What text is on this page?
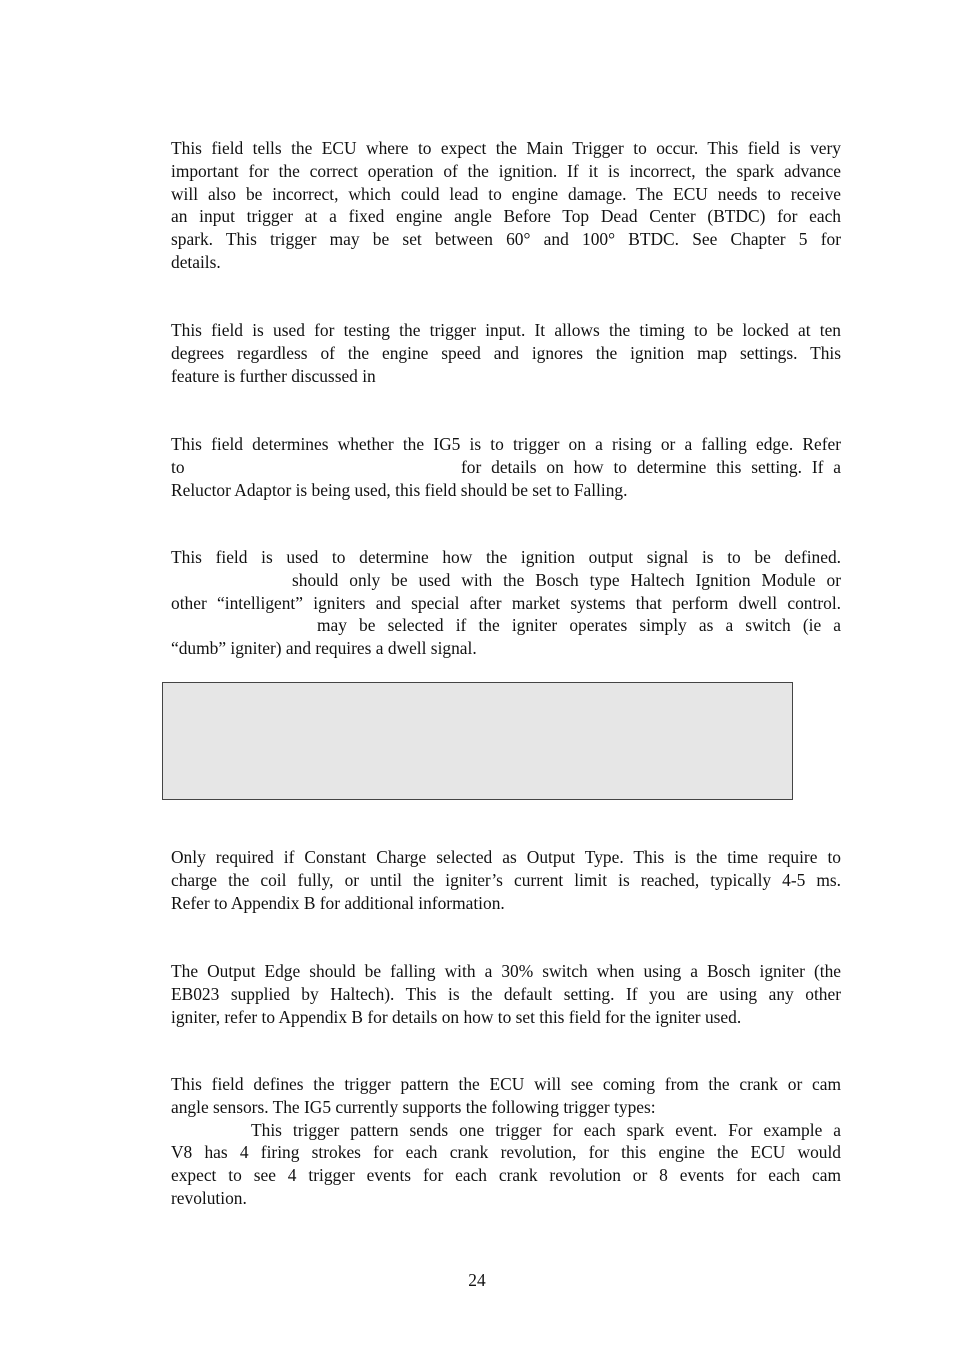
This field tells the ECU where to expect the Main Trigger to occur. This field is very
important for the correct operation of the ignition. If it is incorrect, the spark advance
will also be incorrect, which could lead to engine damage. The ECU needs to receive
an input trigger at a fixed engine angle Before Top Dead Center (BTDC) for each
spark. This trigger may be set between 60° and 100° BTDC. See Chapter 5 for
details.

This field is used for testing the trigger input. It allows the timing to be locked at ten
degrees regardless of the engine speed and ignores the ignition map settings. This
feature is further discussed in

This field determines whether the IG5 is to trigger on a rising or a falling edge. Refer
to	for details on how to determine this setting. If a
Reluctor Adaptor is being used, this field should be set to Falling.

This field is used to determine how the ignition output signal is to be defined.
should only be used with the Bosch type Haltech Ignition Module or
other “intelligent” igniters and special after market systems that perform dwell control.
may be selected if the igniter operates simply as a switch (ie a
“dumb” igniter) and requires a dwell signal.

Only required if Constant Charge selected as Output Type. This is the time require to
charge the coil fully, or until the igniter’s current limit is reached, typically 4-5 ms.
Refer to Appendix B for additional information.

The Output Edge should be falling with a 30% switch when using a Bosch igniter (the
EB023 supplied by Haltech). This is the default setting. If you are using any other
igniter, refer to Appendix B for details on how to set this field for the igniter used.

This field defines the trigger pattern the ECU will see coming from the crank or cam
angle sensors. The IG5 currently supports the following trigger types:
This trigger pattern sends one trigger for each spark event. For example a
V8 has 4 firing strokes for each crank revolution, for this engine the ECU would
expect to see 4 trigger events for each crank revolution or 8 events for each cam
revolution.

24
